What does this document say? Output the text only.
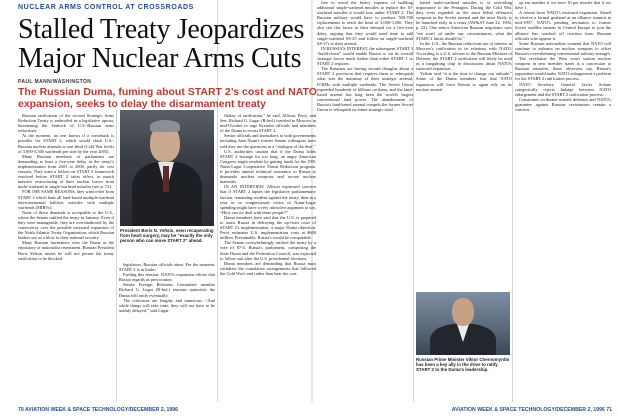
NUCLEAR ARMS CONTROL AT CROSSROADS
Stalled Treaty Jeopardizes Major Nuclear Arms Cuts
PAUL MANN/WASHINGTON
The Russian Duma, fuming about START 2’s cost and NATO expansion, seeks to delay the disarmament treaty

Russian ratification of the second Strategic Arms Reduction Treaty is embroiled in a legislative uproar, threatening the bedrock of U.S.-Russian arms reductions.

At the moment, no one knows if a comeback is possible for START 2, which would slash U.S.-Russian nuclear arsenals to one-third (Cold War levels of 3,000-3,500 warheads per side by the year 2003).

Many Russian members of parliament are demanding at least a five-year delay in the treaty's implementation from 2003 to 2008, partly for cost reasons. They want a follow-on START 3 framework resolved before START 2 takes effect, to match massive restructuring of their nuclear forces from multi-warhead to single-warhead missiles (see p. 72).

FOR THE SAME REASONS, they want relief from START 2 which bans all land-based multiple-warhead intercontinental ballistic missiles with multiple warheads (MIRVs).

None of these demands is acceptable to the U.S., where the Senate ratified the treaty in January. Even if they were manageable, they are overshadowed by the controversy over the possible eastward expansion of the North Atlantic Treaty Organization, which Russian leaders see as a blow to their national security.

Many Russian lawmakers view the Duma as the repository of nationalist resentment. Russian President Boris Yeltsin insists he will not permit the treaty ratification to be blocked.

President Boris N. Yeltsin, seen recuperating from heart surgery, may be “exactly the only person who can move START 2” ahead.

legislators, Russian officials attest. For the moment, START 2 is in limbo.

Fueling this tension: NATO's expansion efforts that Russia regards as provocation.

Senate Foreign Relations Committee member Richard G. Lugar (R-Ind.) remains optimistic the Duma will ratify eventually.

The criticisms are lengthy and numerous. “And while things will take time, they will not have to be unduly delayed,” said Lugar.

fibility of ratification,” he said. Allison, Perry, and Sen. Richard G. Lugar (R-Ind.) traveled to Moscow in mid-October to urge Kremlin officials and members of the Duma to recast START 2.

Senior officials and lawmakers in both governments including Sam Nunn's former Senate colleagues have said they see the questions as a “dialogue of the deaf.”

U.S. authorities caution that if the Duma holds START 2 hostage for too long, an angry American Congress might retaliate by gutting funds for the 1991 Nunn-Lugar Cooperative Threat Reduction program. It provides annual technical assistance to Russia to dismantle nuclear weapons and secure nuclear materials.

IN AN INTERVIEW, Allison expressed concern that if START 2 lapses the legislative parliamentary faction, remaining resident against the treaty, then in a year or so congressional critics of Nunn-Lugar spending might have a very attractive argument to say, “How can we deal with these people?”

Duma members have said that the U.S. is prepared to assist Russia in defraying the up-front costs of START 2's implementation, a major Duma objection. Perry estimates U.S. implementation costs at $600 million. Presumably, Russia's would be comparable.

The Senate overwhelmingly ratified the treaty by a vote of 87-4. Russia's parliament, comprising the State Duma and the Federation Council, was expected to follow suit after the U.S. presidential elections.

Duma members are demanding that Russia must withdraw the cumulative arrangements that followed the Cold War's end rather than bear the cost.

free to avoid the heavy expense of building additional single-warhead missiles to replace the 10-warhead missiles it would lose under START 2. The Russian military would have to produce 500-700 replacements to reach the limit of 3,000-3,500. They also cite this factor in their demand for a five-year delay, arguing that they would need time to add single-warhead SS-25 and follow-on single-warhead SS-27s to their arsenal.

IN RUSSIA'S INTEREST, the subsequent START 3 “build-down” would enable Russia to cut its overall strategic forces much further than either START 1 or START 2 requires.

The Russians are having second thoughts about a START 2 provision that requires them to relinquish what was the mainstay of their strategic arsenal, ICBMs with multiple warheads. The Soviet Union expended hundreds of billions on them, and the land-based arsenal has long been the world's largest conventional land power. The abandonment of Russia's land-based arsenal compels the former Soviet Union to relinquish its entire strategic triad.

based multi-warhead missiles is of overriding importance to the Pentagon. During the Cold War, they were regarded as the most lethal offensive weapons in the Soviet arsenal and the most likely to be launched early in a crisis (AW&ST June 22, 1992, p. 22). One senior American Russian negotiator says “we won't sit under any circumstances, what the START 2 limits should be.”

In the U.S., the Russian reductions are of interest in Moscow's ratification in its relations with NATO. According to a U.S. adviser to the Russian Minister of Defense, the START 2 ratification will likely be used as a bargaining chip in discussions about NATO's eastward expansion.

Yeltsin said “it is the time to change our attitude.” Some of the Duma members fear that NATO expansion will force Russia to again rely on its nuclear arsenal.

Russian Prime Minister Viktor Chernomyrdin has been a key ally in the drive to ratify START 2 to the Duma's leadership.

up our number if we have 10 per missile that if we have 1.

A retreat from NATO's eastward expansion. Slated to receive a formal goahead at an alliance summit in mid-1997, NATO's pending invitation to former Soviet satellite nations in Central Europe to join the alliance has touched off reaction from Russian officials who oppose it.

Some Russian nationalists contend that NATO will continue to enhance on nuclear weapons to offset Russia's overwhelming conventional military strength.

The revelation the West won't station nuclear weapons in new member states is a concession to Russian anxieties, these observers say. Russia's opposition would make NATO enlargement a problem for the START 2 ratification process.

NATO Secretary General Javier Solana categorically rejects linkage between NATO enlargement and the START 2 ratification process.

Constraints on theater missile defenses and NATO's guarantee against Russian revisionism remain a concern.

70 AVIATION WEEK & SPACE TECHNOLOGY/DECEMBER 2, 1996	AVIATION WEEK & SPACE TECHNOLOGY/DECEMBER 2, 1996 71
